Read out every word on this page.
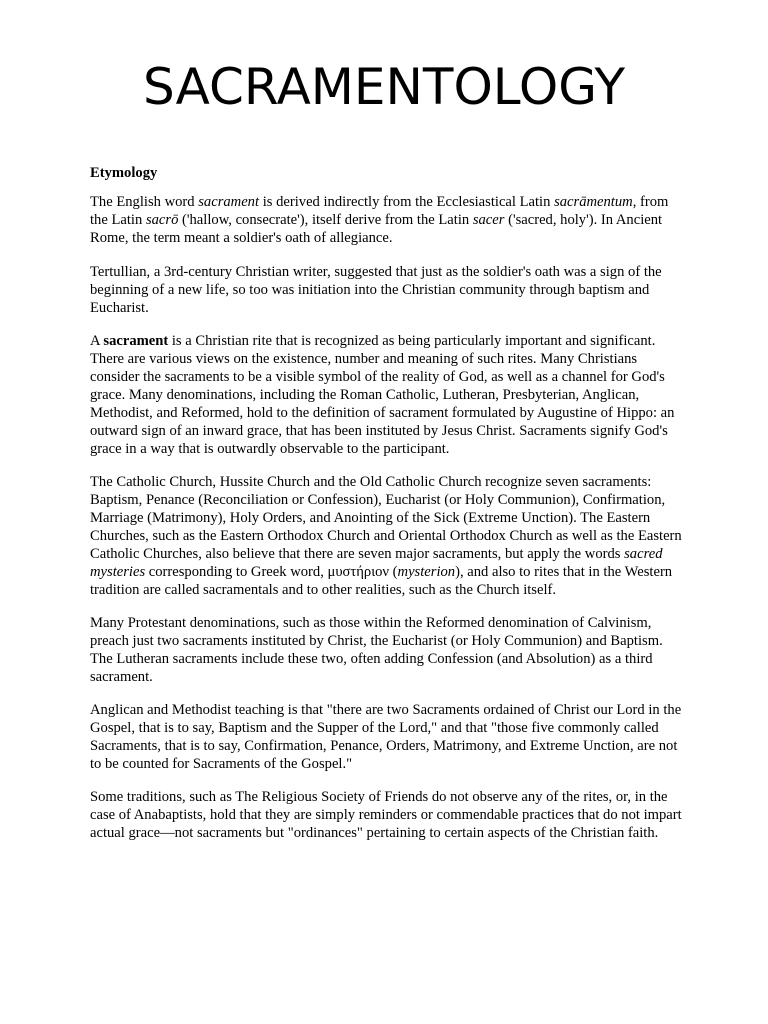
SACRAMENTOLOGY
Etymology

The English word sacrament is derived indirectly from the Ecclesiastical Latin sacrāmentum, from the Latin sacrō ('hallow, consecrate'), itself derive from the Latin sacer ('sacred, holy'). In Ancient Rome, the term meant a soldier's oath of allegiance.

Tertullian, a 3rd-century Christian writer, suggested that just as the soldier's oath was a sign of the beginning of a new life, so too was initiation into the Christian community through baptism and Eucharist.

A sacrament is a Christian rite that is recognized as being particularly important and significant. There are various views on the existence, number and meaning of such rites. Many Christians consider the sacraments to be a visible symbol of the reality of God, as well as a channel for God's grace. Many denominations, including the Roman Catholic, Lutheran, Presbyterian, Anglican, Methodist, and Reformed, hold to the definition of sacrament formulated by Augustine of Hippo: an outward sign of an inward grace, that has been instituted by Jesus Christ. Sacraments signify God's grace in a way that is outwardly observable to the participant.

The Catholic Church, Hussite Church and the Old Catholic Church recognize seven sacraments: Baptism, Penance (Reconciliation or Confession), Eucharist (or Holy Communion), Confirmation, Marriage (Matrimony), Holy Orders, and Anointing of the Sick (Extreme Unction). The Eastern Churches, such as the Eastern Orthodox Church and Oriental Orthodox Church as well as the Eastern Catholic Churches, also believe that there are seven major sacraments, but apply the words sacred mysteries corresponding to Greek word, μυστήριον (mysterion), and also to rites that in the Western tradition are called sacramentals and to other realities, such as the Church itself.

Many Protestant denominations, such as those within the Reformed denomination of Calvinism, preach just two sacraments instituted by Christ, the Eucharist (or Holy Communion) and Baptism. The Lutheran sacraments include these two, often adding Confession (and Absolution) as a third sacrament.

Anglican and Methodist teaching is that "there are two Sacraments ordained of Christ our Lord in the Gospel, that is to say, Baptism and the Supper of the Lord," and that "those five commonly called Sacraments, that is to say, Confirmation, Penance, Orders, Matrimony, and Extreme Unction, are not to be counted for Sacraments of the Gospel."

Some traditions, such as The Religious Society of Friends do not observe any of the rites, or, in the case of Anabaptists, hold that they are simply reminders or commendable practices that do not impart actual grace—not sacraments but "ordinances" pertaining to certain aspects of the Christian faith.
